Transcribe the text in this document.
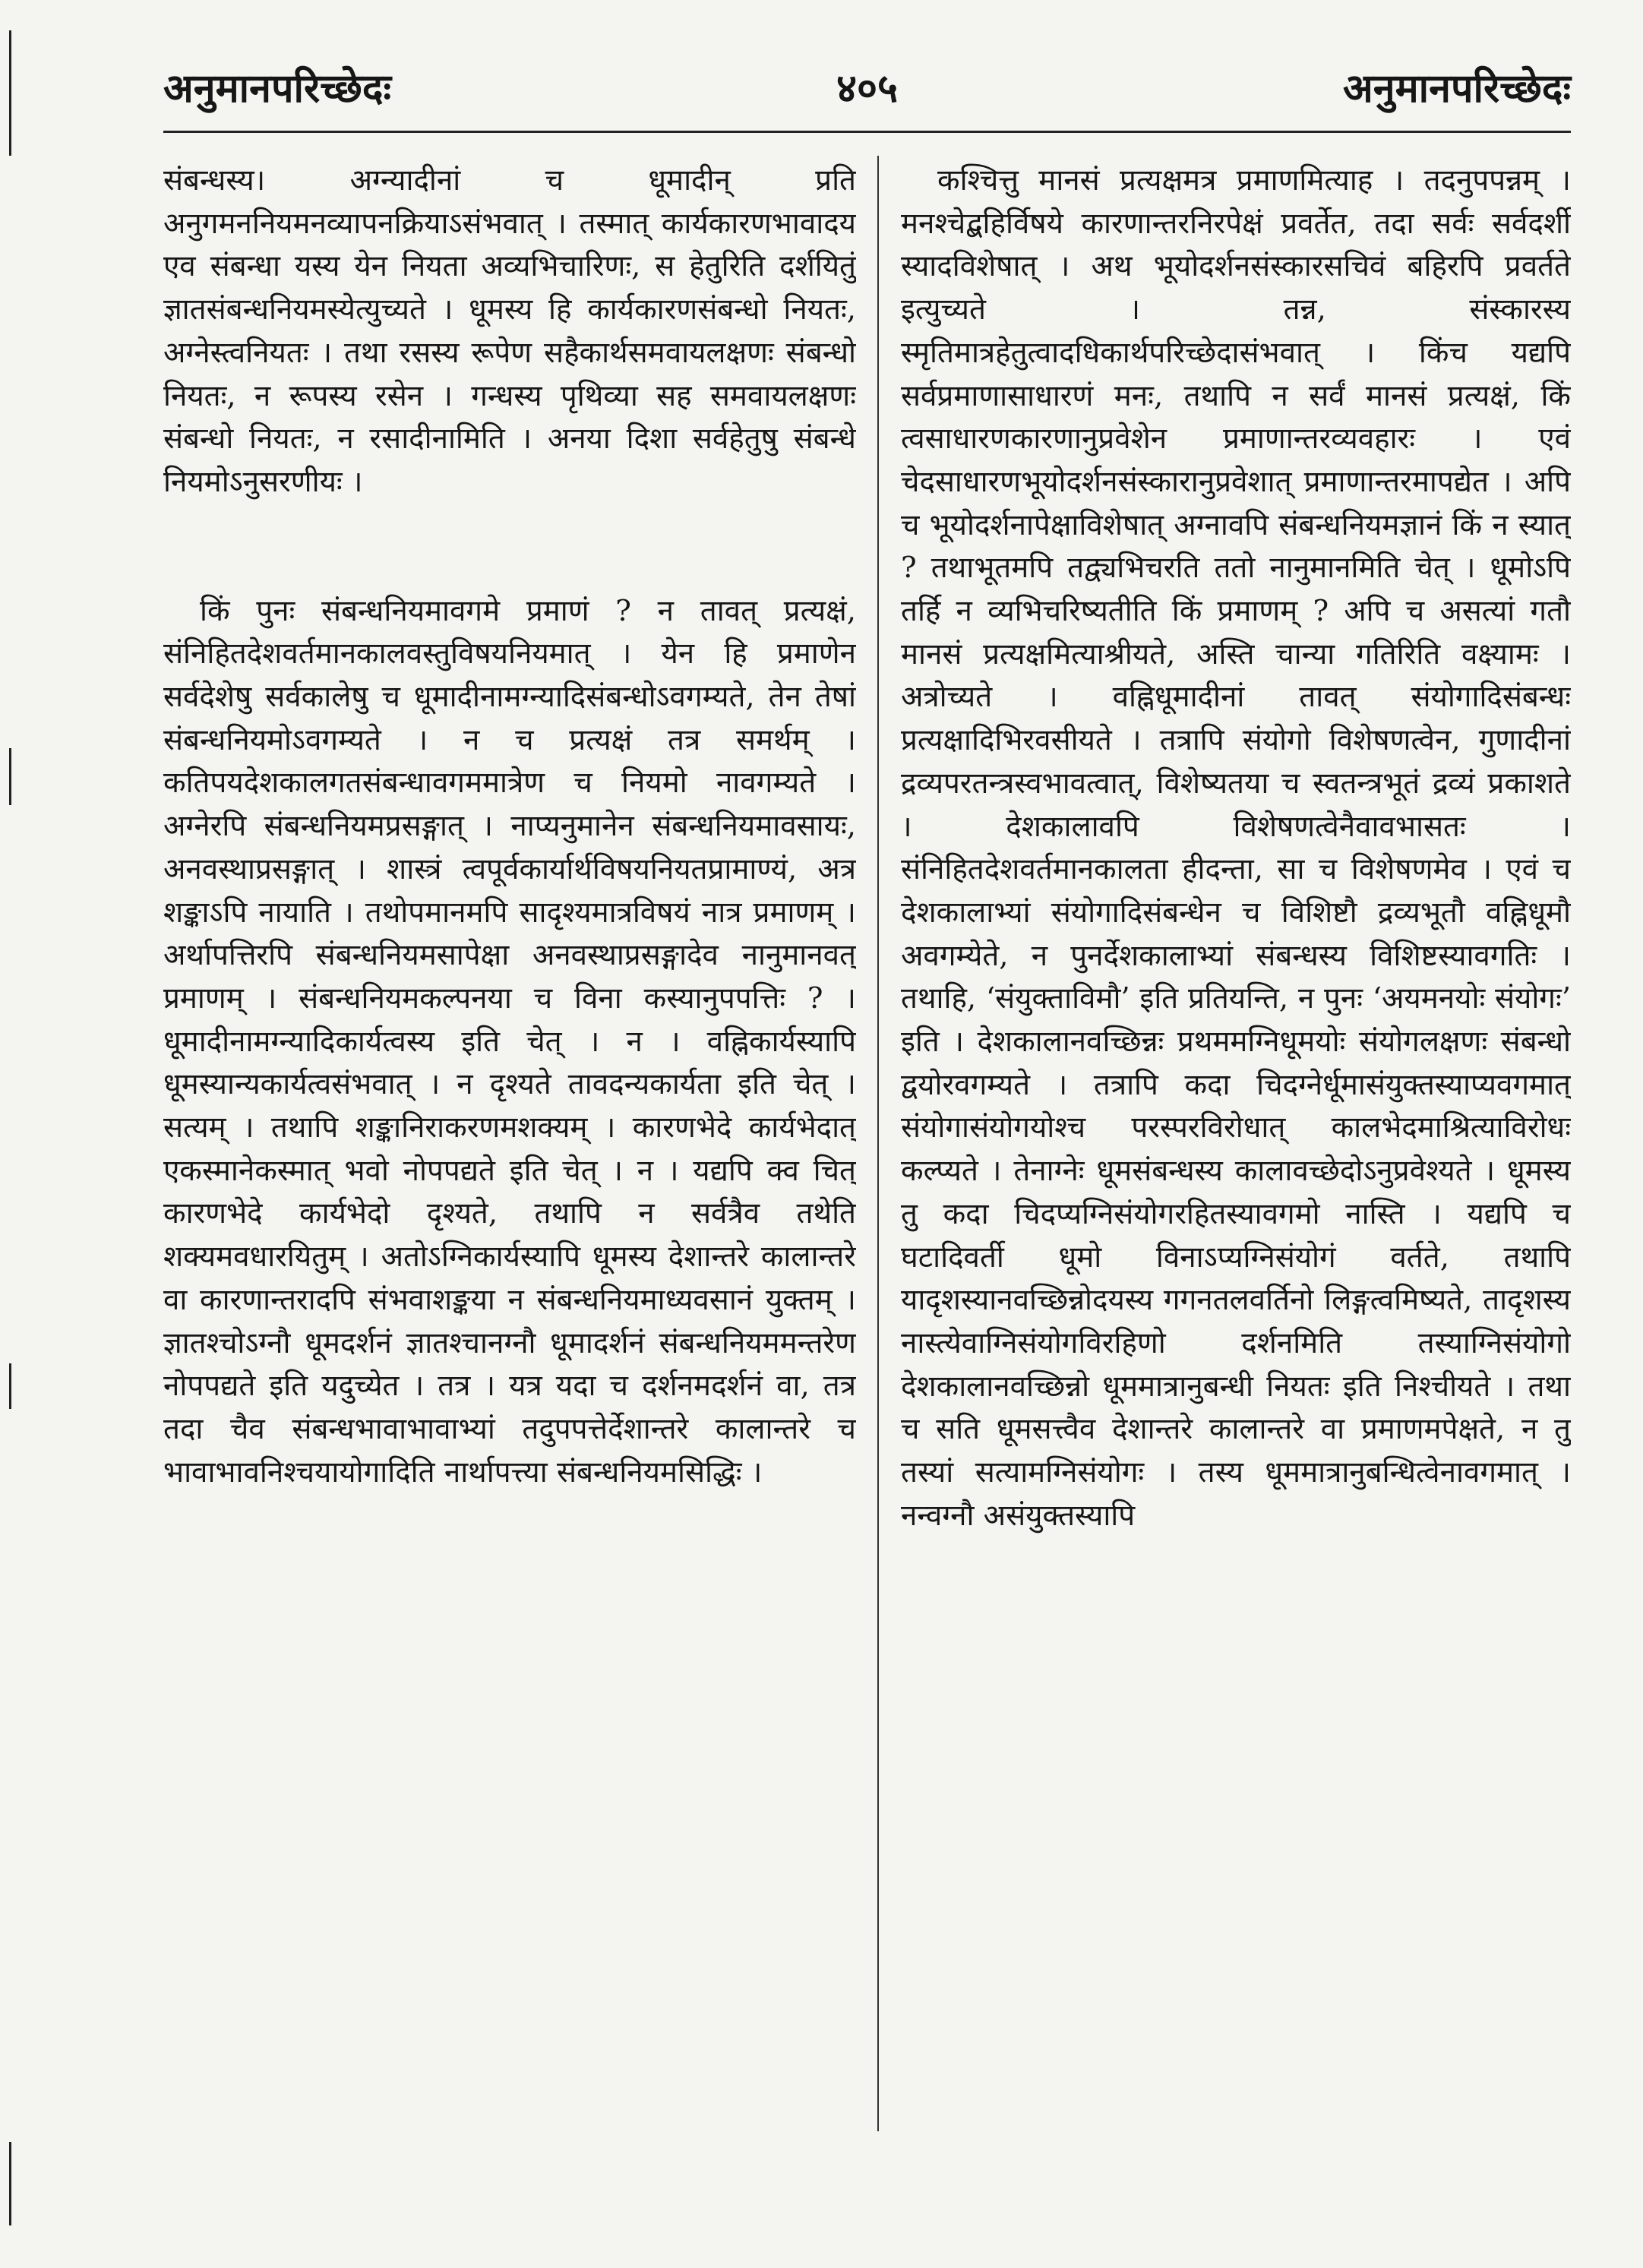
अनुमानपरिच्छेदः	४०५	अनुमानपरिच्छेदः

संबन्धस्य। अग्न्यादीनां च धूमादीन् प्रति अनुगमननियमनव्यापनक्रियाऽसंभवात् । तस्मात् कार्यकारणभावादय एव संबन्धा यस्य येन नियता अव्यभिचारिणः, स हेतुरिति दर्शयितुं ज्ञातसंबन्धनियमस्येत्युच्यते । धूमस्य हि कार्यकारणसंबन्धो नियतः, अग्नेस्त्वनियतः । तथा रसस्य रूपेण सहैकार्थसमवायलक्षणः संबन्धो नियतः, न रूपस्य रसेन । गन्धस्य पृथिव्या सह समवायलक्षणः संबन्धो नियतः, न रसादीनामिति । अनया दिशा सर्वहेतुषु संबन्धे नियमोऽनुसरणीयः ।

किं पुनः संबन्धनियमावगमे प्रमाणं ? न तावत् प्रत्यक्षं, संनिहितदेशवर्तमानकालवस्तुविषयनियमात् । येन हि प्रमाणेन सर्वदेशेषु सर्वकालेषु च धूमादीनामग्न्यादिसंबन्धोऽवगम्यते, तेन तेषां संबन्धनियमोऽवगम्यते । न च प्रत्यक्षं तत्र समर्थम् । कतिपयदेशकालगतसंबन्धावगममात्रेण च नियमो नावगम्यते । अग्नेरपि संबन्धनियमप्रसङ्गात् । नाप्यनुमानेन संबन्धनियमावसायः, अनवस्थाप्रसङ्गात् । शास्त्रं त्वपूर्वकार्यार्थविषयनियतप्रामाण्यं, अत्र शङ्काऽपि नायाति । तथोपमानमपि सादृश्यमात्रविषयं नात्र प्रमाणम् । अर्थापत्तिरपि संबन्धनियमसापेक्षा अनवस्थाप्रसङ्गादेव नानुमानवत् प्रमाणम् । संबन्धनियमकल्पनया च विना कस्यानुपपत्तिः ? । धूमादीनामग्न्यादिकार्यत्वस्य इति चेत् । न । वह्निकार्यस्यापि धूमस्यान्यकार्यत्वसंभवात् । न दृश्यते तावदन्यकार्यता इति चेत् । सत्यम् । तथापि शङ्कानिराकरणमशक्यम् । कारणभेदे कार्यभेदात् एकस्मानेकस्मात् भवो नोपपद्यते इति चेत् । न । यद्यपि क्व चित् कारणभेदे कार्यभेदो दृश्यते, तथापि न सर्वत्रैव तथेति शक्यमवधारयितुम् । अतोऽग्निकार्यस्यापि धूमस्य देशान्तरे कालान्तरे वा कारणान्तरादपि संभवाशङ्कया न संबन्धनियमाध्यवसानं युक्तम् । ज्ञातश्चोऽग्नौ धूमदर्शनं ज्ञातश्चानग्नौ धूमादर्शनं संबन्धनियममन्तरेण नोपपद्यते इति यदुच्येत । तत्र । यत्र यदा च दर्शनमदर्शनं वा, तत्र तदा चैव संबन्धभावाभावाभ्यां तदुपपत्तेर्देशान्तरे कालान्तरे च भावाभावनिश्चयायोगादिति नार्थापत्त्या संबन्धनियमसिद्धिः ।

कश्चित्तु मानसं प्रत्यक्षमत्र प्रमाणमित्याह । तदनुपपन्नम् । मनश्चेद्बहिर्विषये कारणान्तरनिरपेक्षं प्रवर्तेत, तदा सर्वः सर्वदर्शी स्यादविशेषात् । अथ भूयोदर्शनसंस्कारसचिवं बहिरपि प्रवर्तते इत्युच्यते । तन्न, संस्कारस्य स्मृतिमात्रहेतुत्वादधिकार्थपरिच्छेदासंभवात् । किंच यद्यपि सर्वप्रमाणासाधारणं मनः, तथापि न सर्वं मानसं प्रत्यक्षं, किं त्वसाधारणकारणानुप्रवेशेन प्रमाणान्तरव्यवहारः । एवं चेदसाधारणभूयोदर्शनसंस्कारानुप्रवेशात् प्रमाणान्तरमापद्येत । अपि च भूयोदर्शनापेक्षाविशेषात् अग्नावपि संबन्धनियमज्ञानं किं न स्यात् ? तथाभूतमपि तद्व्यभिचरति ततो नानुमानमिति चेत् । धूमोऽपि तर्हि न व्यभिचरिष्यतीति किं प्रमाणम् ? अपि च असत्यां गतौ मानसं प्रत्यक्षमित्याश्रीयते, अस्ति चान्या गतिरिति वक्ष्यामः । अत्रोच्यते । वह्निधूमादीनां तावत् संयोगादिसंबन्धः प्रत्यक्षादिभिरवसीयते । तत्रापि संयोगो विशेषणत्वेन, गुणादीनां द्रव्यपरतन्त्रस्वभावत्वात्, विशेष्यतया च स्वतन्त्रभूतं द्रव्यं प्रकाशते । देशकालावपि विशेषणत्वेनैवावभासतः । संनिहितदेशवर्तमानकालता हीदन्ता, सा च विशेषणमेव । एवं च देशकालाभ्यां संयोगादिसंबन्धेन च विशिष्टौ द्रव्यभूतौ वह्निधूमौ अवगम्येते, न पुनर्देशकालाभ्यां संबन्धस्य विशिष्टस्यावगतिः । तथाहि, ‘संयुक्ताविमौ’ इति प्रतियन्ति, न पुनः ‘अयमनयोः संयोगः’ इति । देशकालानवच्छिन्नः प्रथममग्निधूमयोः संयोगलक्षणः संबन्धो द्वयोरवगम्यते । तत्रापि कदा चिदग्नेर्धूमासंयुक्तस्याप्यवगमात् संयोगासंयोगयोश्च परस्परविरोधात् कालभेदमाश्रित्याविरोधः कल्प्यते । तेनाग्नेः धूमसंबन्धस्य कालावच्छेदोऽनुप्रवेश्यते । धूमस्य तु कदा चिदप्यग्निसंयोगरहितस्यावगमो नास्ति । यद्यपि च घटादिवर्ती धूमो विनाऽप्यग्निसंयोगं वर्तते, तथापि यादृशस्यानवच्छिन्नोदयस्य गगनतलवर्तिनो लिङ्गत्वमिष्यते, तादृशस्य नास्त्येवाग्निसंयोगविरहिणो दर्शनमिति तस्याग्निसंयोगो देशकालानवच्छिन्नो धूममात्रानुबन्धी नियतः इति निश्चीयते । तथा च सति धूमसत्त्वैव देशान्तरे कालान्तरे वा प्रमाणमपेक्षते, न तु तस्यां सत्यामग्निसंयोगः । तस्य धूममात्रानुबन्धित्वेनावगमात् । नन्वग्नौ असंयुक्तस्यापि
